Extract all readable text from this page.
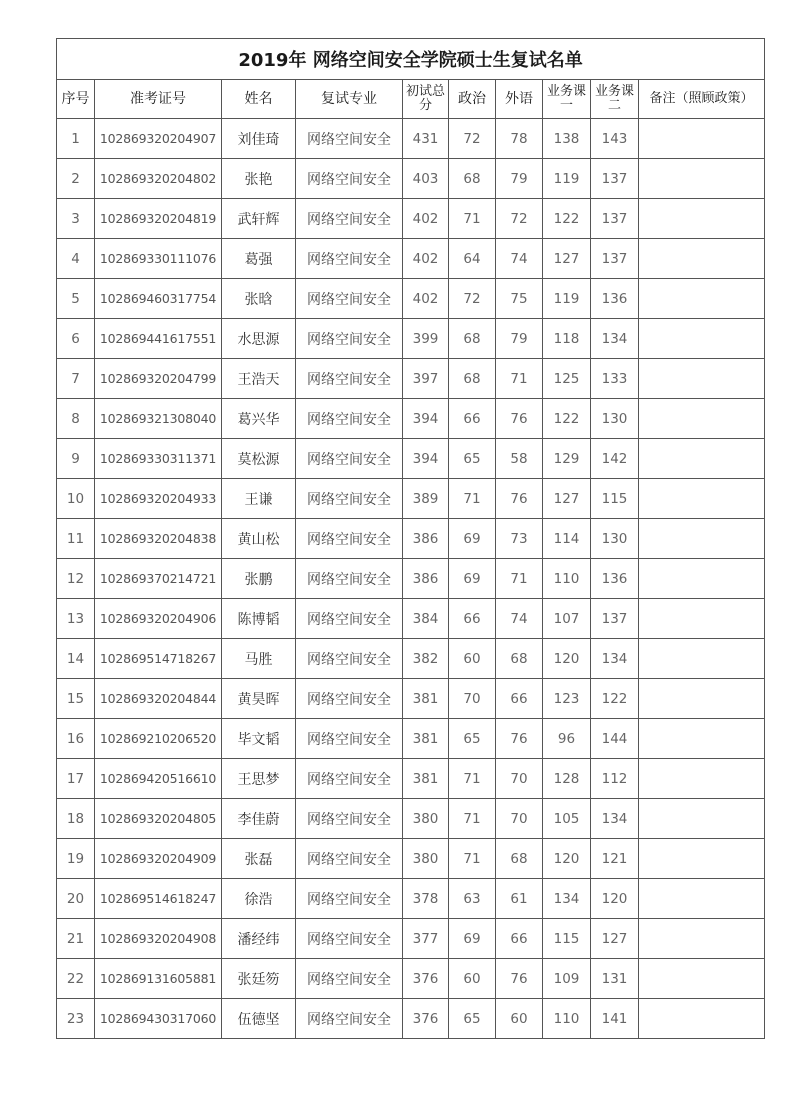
2019年 网络空间安全学院硕士生复试名单									
序号	准考证号	姓名	复试专业	初试总分	政治	外语	业务课一	业务课二	备注（照顾政策）
1	102869320204907	刘佳琦	网络空间安全	431	72	78	138	143	
2	102869320204802	张艳	网络空间安全	403	68	79	119	137	
3	102869320204819	武轩辉	网络空间安全	402	71	72	122	137	
4	102869330111076	葛强	网络空间安全	402	64	74	127	137	
5	102869460317754	张晗	网络空间安全	402	72	75	119	136	
6	102869441617551	水思源	网络空间安全	399	68	79	118	134	
7	102869320204799	王浩天	网络空间安全	397	68	71	125	133	
8	102869321308040	葛兴华	网络空间安全	394	66	76	122	130	
9	102869330311371	莫松源	网络空间安全	394	65	58	129	142	
10	102869320204933	王谦	网络空间安全	389	71	76	127	115	
11	102869320204838	黄山松	网络空间安全	386	69	73	114	130	
12	102869370214721	张鹏	网络空间安全	386	69	71	110	136	
13	102869320204906	陈博韬	网络空间安全	384	66	74	107	137	
14	102869514718267	马胜	网络空间安全	382	60	68	120	134	
15	102869320204844	黄昊晖	网络空间安全	381	70	66	123	122	
16	102869210206520	毕文韬	网络空间安全	381	65	76	96	144	
17	102869420516610	王思梦	网络空间安全	381	71	70	128	112	
18	102869320204805	李佳蔚	网络空间安全	380	71	70	105	134	
19	102869320204909	张磊	网络空间安全	380	71	68	120	121	
20	102869514618247	徐浩	网络空间安全	378	63	61	134	120	
21	102869320204908	潘经纬	网络空间安全	377	69	66	115	127	
22	102869131605881	张廷笏	网络空间安全	376	60	76	109	131	
23	102869430317060	伍德坚	网络空间安全	376	65	60	110	141	
